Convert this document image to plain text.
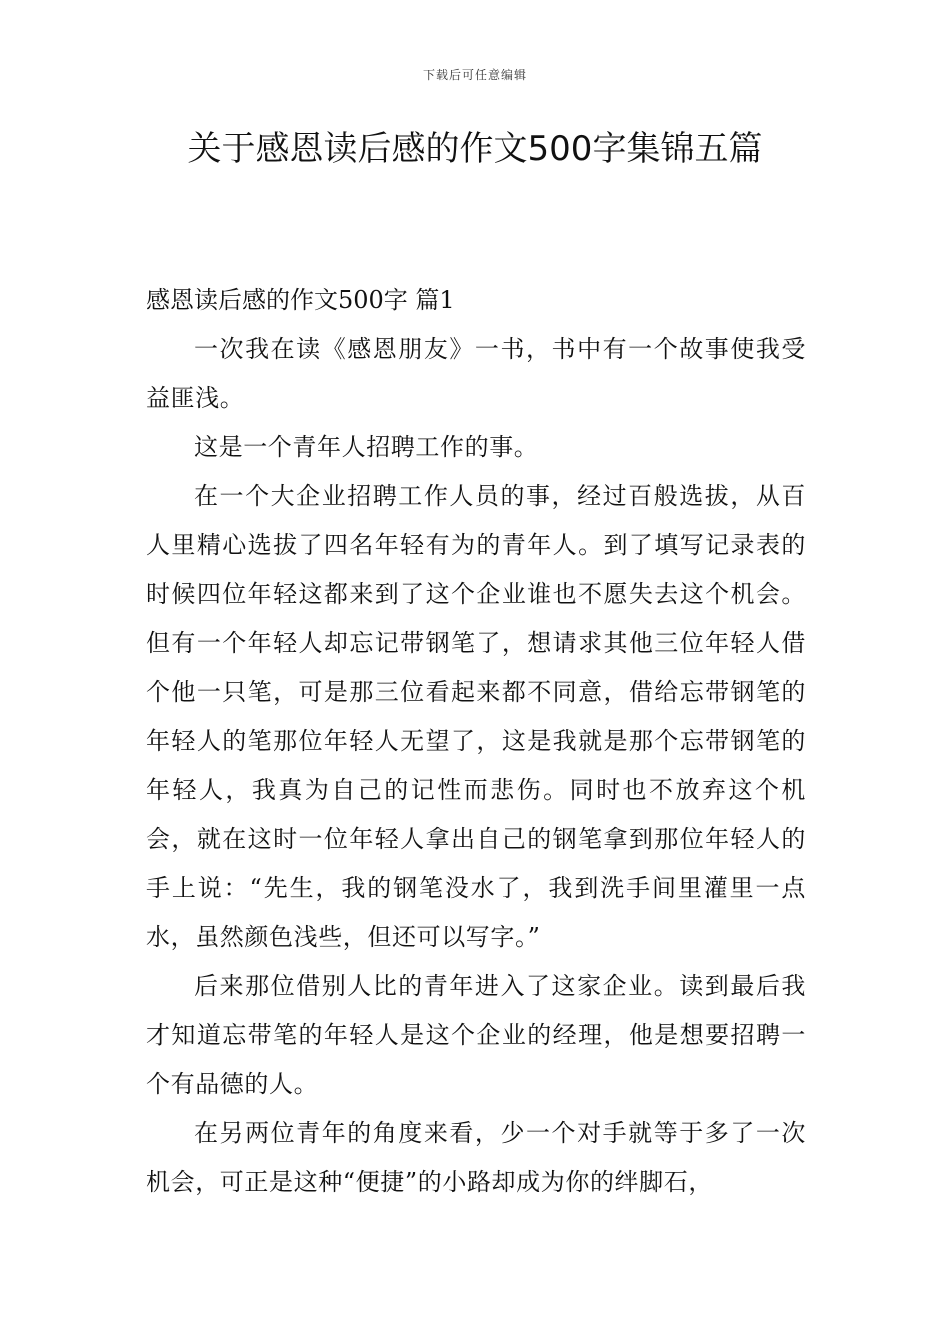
下载后可任意编辑
关于感恩读后感的作文500字集锦五篇
感恩读后感的作文500字 篇1

一次我在读《感恩朋友》一书，书中有一个故事使我受益匪浅。

这是一个青年人招聘工作的事。

在一个大企业招聘工作人员的事，经过百般选拔，从百人里精心选拔了四名年轻有为的青年人。到了填写记录表的时候四位年轻这都来到了这个企业谁也不愿失去这个机会。但有一个年轻人却忘记带钢笔了，想请求其他三位年轻人借个他一只笔，可是那三位看起来都不同意，借给忘带钢笔的年轻人的笔那位年轻人无望了，这是我就是那个忘带钢笔的年轻人，我真为自己的记性而悲伤。同时也不放弃这个机会，就在这时一位年轻人拿出自己的钢笔拿到那位年轻人的手上说：“先生，我的钢笔没水了，我到洗手间里灌里一点水，虽然颜色浅些，但还可以写字。”

后来那位借别人比的青年进入了这家企业。读到最后我才知道忘带笔的年轻人是这个企业的经理，他是想要招聘一个有品德的人。

在另两位青年的角度来看，少一个对手就等于多了一次机会，可正是这种“便捷”的小路却成为你的绊脚石，
